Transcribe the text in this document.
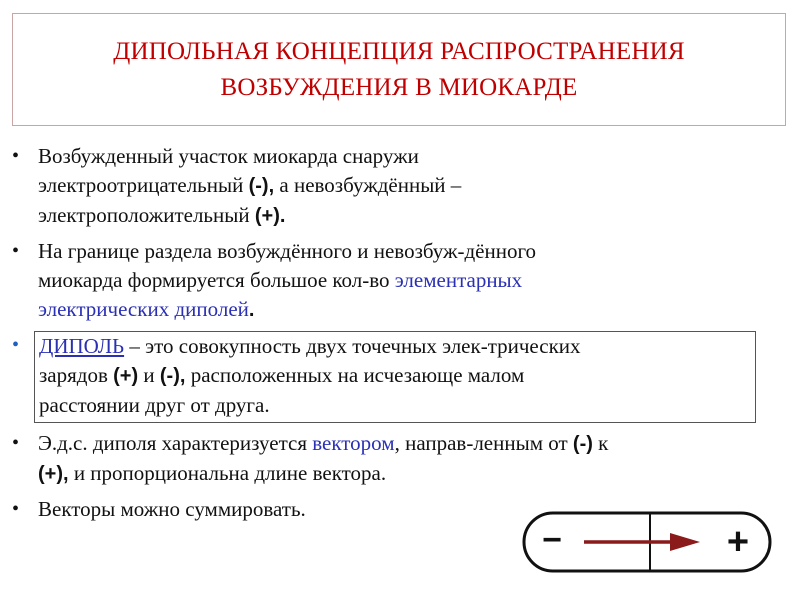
ДИПОЛЬНАЯ КОНЦЕПЦИЯ РАСПРОСТРАНЕНИЯ
ВОЗБУЖДЕНИЯ В МИОКАРДЕ
• Возбужденный участок миокарда снаружи
электроотрицательный (-), а невозбуждённый –
электроположительный (+).
• На границе раздела возбуждённого и невозбуж-дённого
миокарда формируется большое кол-во элементарных
электрических диполей.
• ДИПОЛЬ – это совокупность двух точечных элек-трических
зарядов (+) и (-), расположенных на исчезающе малом
расстоянии друг от друга.
• Э.д.с. диполя характеризуется вектором, направ-ленным от (-) к
(+), и пропорциональна длине вектора.
• Векторы можно суммировать.
−	+
